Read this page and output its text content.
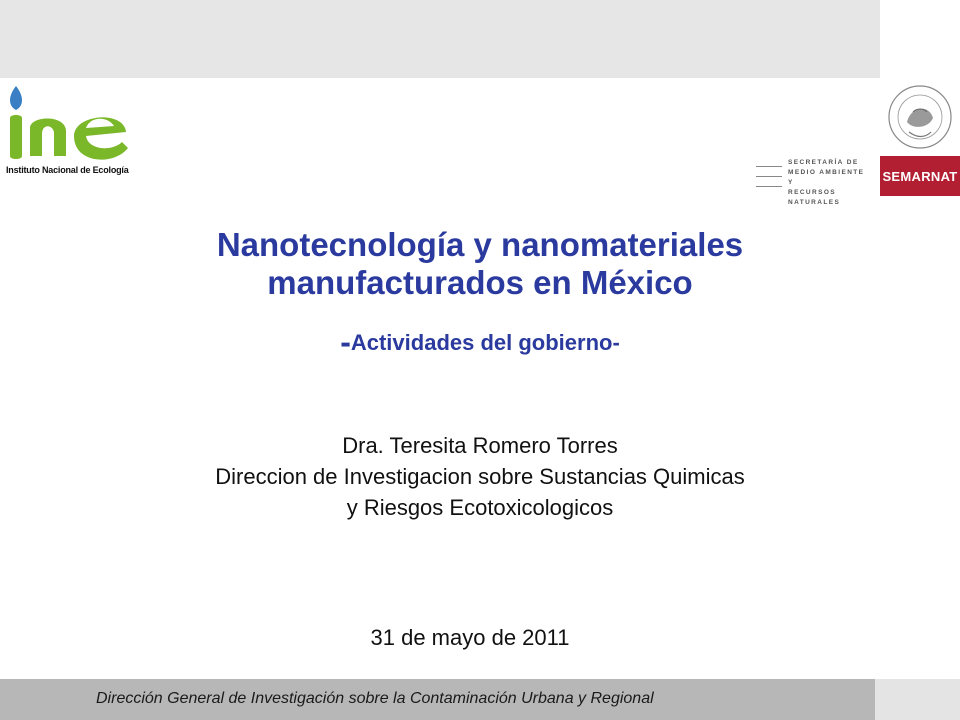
Instituto Nacional de Ecología
SECRETARÍA DE
MEDIO AMBIENTE Y
RECURSOS NATURALES
SEMARNAT
Nanotecnología y nanomateriales
manufacturados en México
-Actividades del gobierno-
Dra. Teresita Romero Torres
Direccion de Investigacion sobre Sustancias Quimicas
y Riesgos Ecotoxicologicos
31 de mayo de 2011
Dirección General de Investigación sobre la Contaminación Urbana y Regional
